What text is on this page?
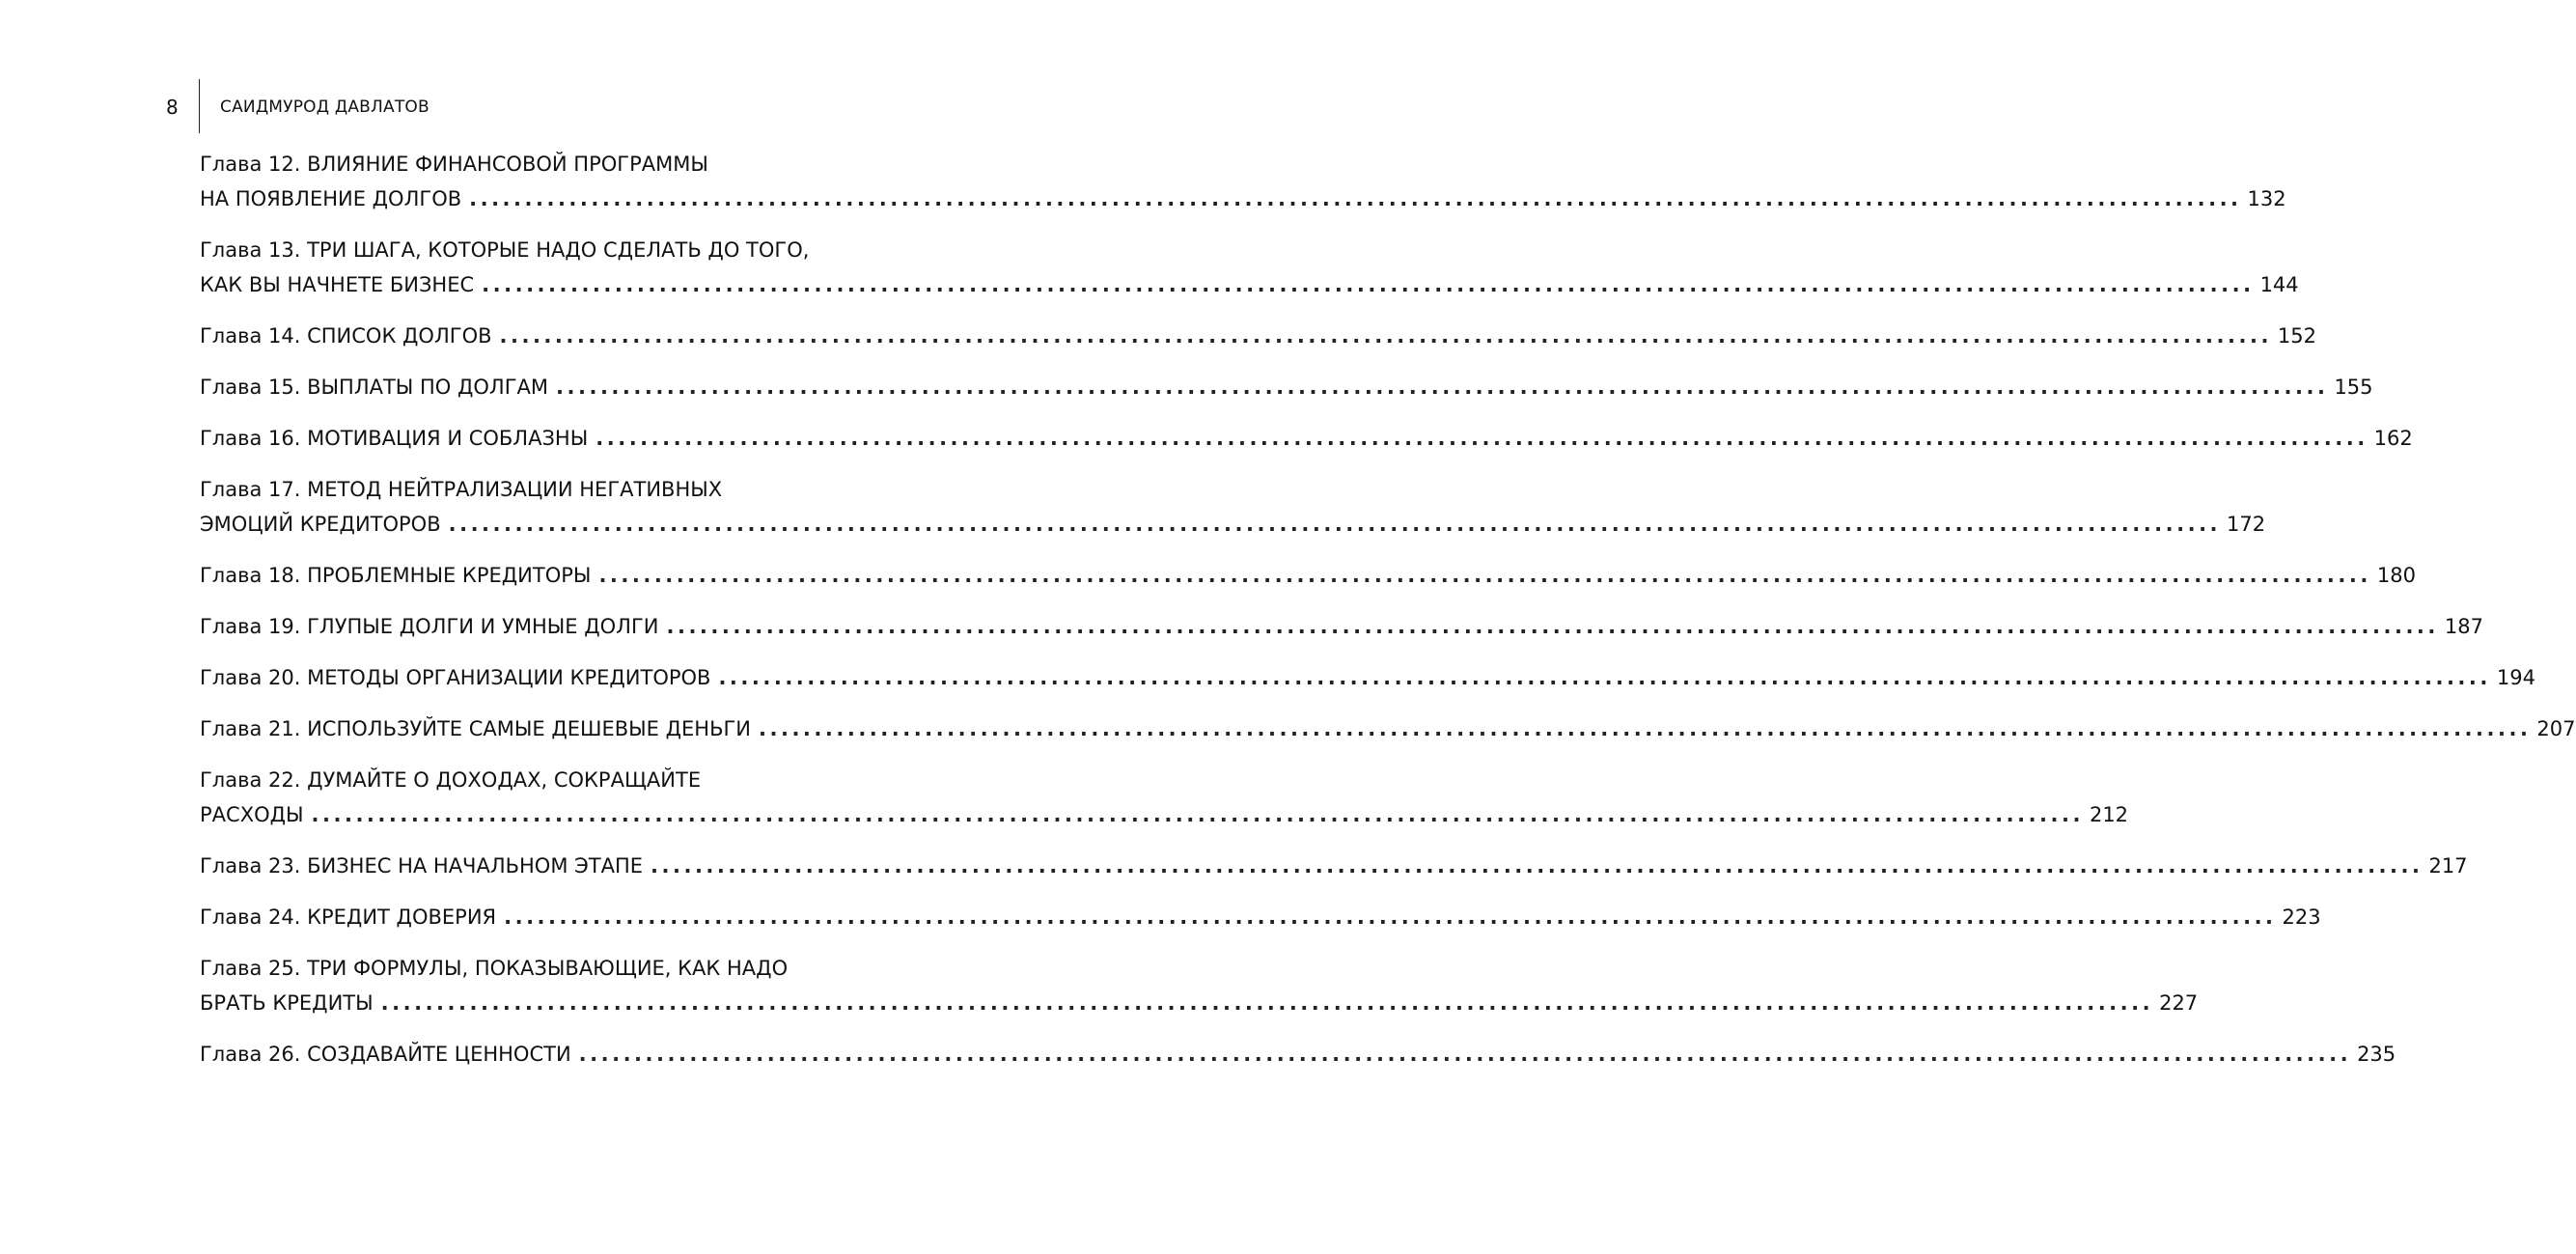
8	САИДМУРОД ДАВЛАТОВ
Глава 12. ВЛИЯНИЕ ФИНАНСОВОЙ ПРОГРАММЫ
НА ПОЯВЛЕНИЕ ДОЛГОВ ................................................................................................................................................................ 132
Глава 13. ТРИ ШАГА, КОТОРЫЕ НАДО СДЕЛАТЬ ДО ТОГО,
КАК ВЫ НАЧНЕТЕ БИЗНЕС ................................................................................................................................................................ 144
Глава 14. СПИСОК ДОЛГОВ ................................................................................................................................................................ 152
Глава 15. ВЫПЛАТЫ ПО ДОЛГАМ ................................................................................................................................................................ 155
Глава 16. МОТИВАЦИЯ И СОБЛАЗНЫ ................................................................................................................................................................ 162
Глава 17. МЕТОД НЕЙТРАЛИЗАЦИИ НЕГАТИВНЫХ
ЭМОЦИЙ КРЕДИТОРОВ ................................................................................................................................................................ 172
Глава 18. ПРОБЛЕМНЫЕ КРЕДИТОРЫ ................................................................................................................................................................ 180
Глава 19. ГЛУПЫЕ ДОЛГИ И УМНЫЕ ДОЛГИ ................................................................................................................................................................ 187
Глава 20. МЕТОДЫ ОРГАНИЗАЦИИ КРЕДИТОРОВ ................................................................................................................................................................ 194
Глава 21. ИСПОЛЬЗУЙТЕ САМЫЕ ДЕШЕВЫЕ ДЕНЬГИ ................................................................................................................................................................ 207
Глава 22. ДУМАЙТЕ О ДОХОДАХ, СОКРАЩАЙТЕ
РАСХОДЫ ................................................................................................................................................................ 212
Глава 23. БИЗНЕС НА НАЧАЛЬНОМ ЭТАПЕ ................................................................................................................................................................ 217
Глава 24. КРЕДИТ ДОВЕРИЯ ................................................................................................................................................................ 223
Глава 25. ТРИ ФОРМУЛЫ, ПОКАЗЫВАЮЩИЕ, КАК НАДО
БРАТЬ КРЕДИТЫ ................................................................................................................................................................ 227
Глава 26. СОЗДАВАЙТЕ ЦЕННОСТИ ................................................................................................................................................................ 235
